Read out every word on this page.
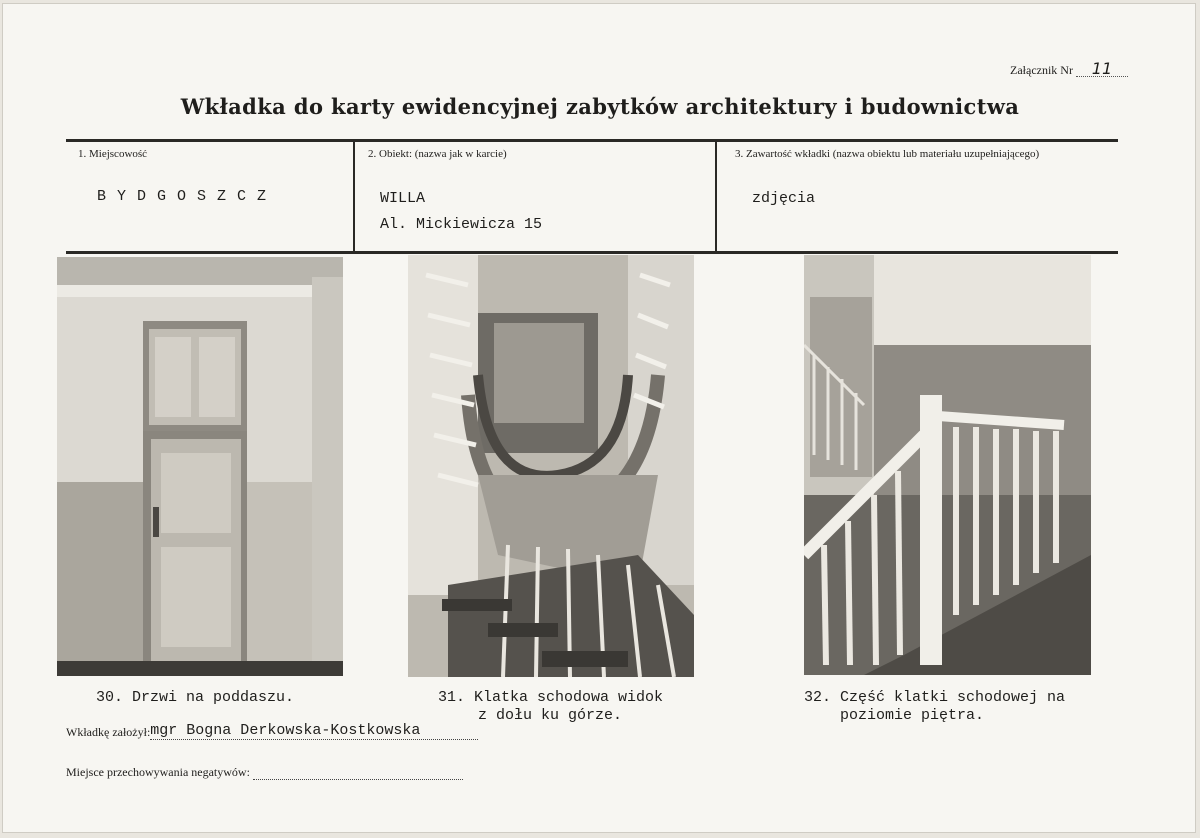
Załącznik Nr 11
Wkładka do karty ewidencyjnej zabytków architektury i budownictwa
1. Miejscowość
B Y D G O S Z C Z
2. Obiekt: (nazwa jak w karcie)
WILLA
Al. Mickiewicza 15
3. Zawartość wkładki (nazwa obiektu lub materiału uzupełniającego)
zdjęcia
30. Drzwi na poddaszu.	31. Klatka schodowa widok
z dołu ku górze.
32. Część klatki schodowej na
poziomie piętra.
Wkładkę założył:mgr Bogna Derkowska-Kostkowska
Miejsce przechowywania negatywów:
